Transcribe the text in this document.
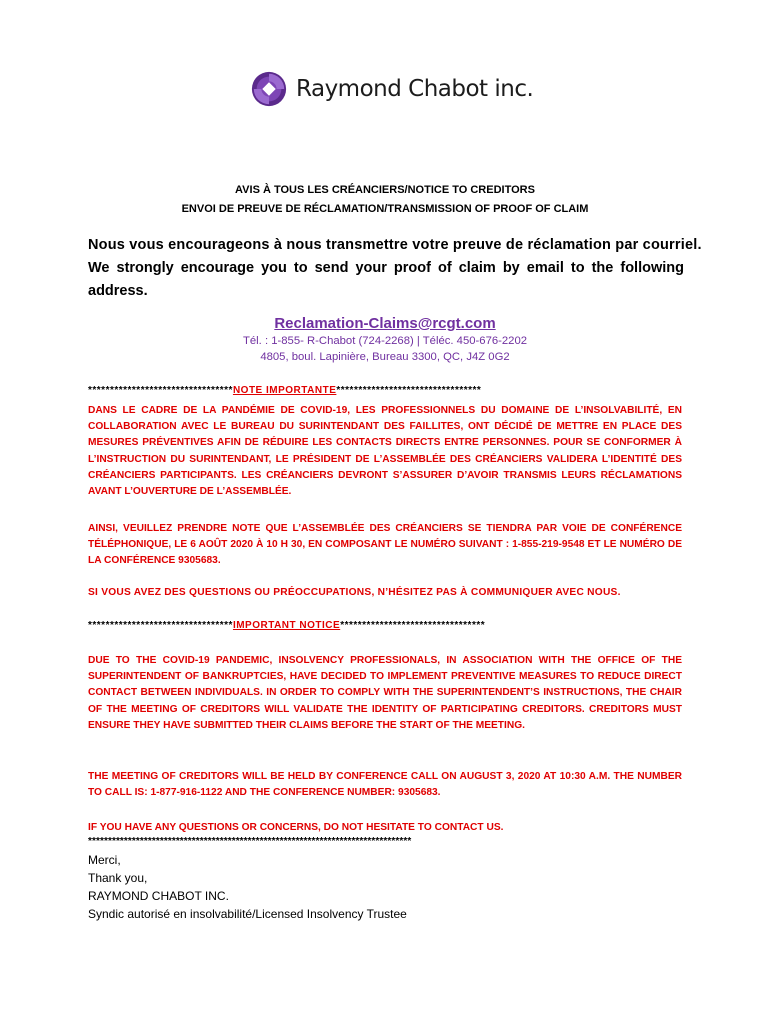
Raymond Chabot inc.
AVIS À TOUS LES CRÉANCIERS/NOTICE TO CREDITORS
ENVOI DE PREUVE DE RÉCLAMATION/TRANSMISSION OF PROOF OF CLAIM
Nous vous encourageons à nous transmettre votre preuve de réclamation par courriel.
We strongly encourage you to send your proof of claim by email to the following address.
Reclamation-Claims@rcgt.com
Tél. : 1-855- R-Chabot (724-2268) | Téléc. 450-676-2202
4805, boul. Lapinière, Bureau 3300, QC, J4Z 0G2
*********************************NOTE IMPORTANTE*********************************
DANS LE CADRE DE LA PANDÉMIE DE COVID-19, LES PROFESSIONNELS DU DOMAINE DE L’INSOLVABILITÉ, EN COLLABORATION AVEC LE BUREAU DU SURINTENDANT DES FAILLITES, ONT DÉCIDÉ DE METTRE EN PLACE DES MESURES PRÉVENTIVES AFIN DE RÉDUIRE LES CONTACTS DIRECTS ENTRE PERSONNES. POUR SE CONFORMER À L’INSTRUCTION DU SURINTENDANT, LE PRÉSIDENT DE L’ASSEMBLÉE DES CRÉANCIERS VALIDERA L’IDENTITÉ DES CRÉANCIERS PARTICIPANTS. LES CRÉANCIERS DEVRONT S’ASSURER D’AVOIR TRANSMIS LEURS RÉCLAMATIONS AVANT L’OUVERTURE DE L’ASSEMBLÉE.
AINSI, VEUILLEZ PRENDRE NOTE QUE L’ASSEMBLÉE DES CRÉANCIERS SE TIENDRA PAR VOIE DE CONFÉRENCE TÉLÉPHONIQUE, LE 6 AOÛT 2020 À 10 H 30, EN COMPOSANT LE NUMÉRO SUIVANT : 1-855-219-9548 ET LE NUMÉRO DE LA CONFÉRENCE 9305683.
SI VOUS AVEZ DES QUESTIONS OU PRÉOCCUPATIONS, N’HÉSITEZ PAS À COMMUNIQUER AVEC NOUS.
*********************************IMPORTANT NOTICE*********************************
DUE TO THE COVID-19 PANDEMIC, INSOLVENCY PROFESSIONALS, IN ASSOCIATION WITH THE OFFICE OF THE SUPERINTENDENT OF BANKRUPTCIES, HAVE DECIDED TO IMPLEMENT PREVENTIVE MEASURES TO REDUCE DIRECT CONTACT BETWEEN INDIVIDUALS. IN ORDER TO COMPLY WITH THE SUPERINTENDENT’S INSTRUCTIONS, THE CHAIR OF THE MEETING OF CREDITORS WILL VALIDATE THE IDENTITY OF PARTICIPATING CREDITORS. CREDITORS MUST ENSURE THEY HAVE SUBMITTED THEIR CLAIMS BEFORE THE START OF THE MEETING.
THE MEETING OF CREDITORS WILL BE HELD BY CONFERENCE CALL ON AUGUST 3, 2020 AT 10:30 A.M. THE NUMBER TO CALL IS: 1-877-916-1122 AND THE CONFERENCE NUMBER: 9305683.
IF YOU HAVE ANY QUESTIONS OR CONCERNS, DO NOT HESITATE TO CONTACT US.
*********************************************************************************
Merci,
Thank you,
RAYMOND CHABOT INC.
Syndic autorisé en insolvabilité/Licensed Insolvency Trustee
